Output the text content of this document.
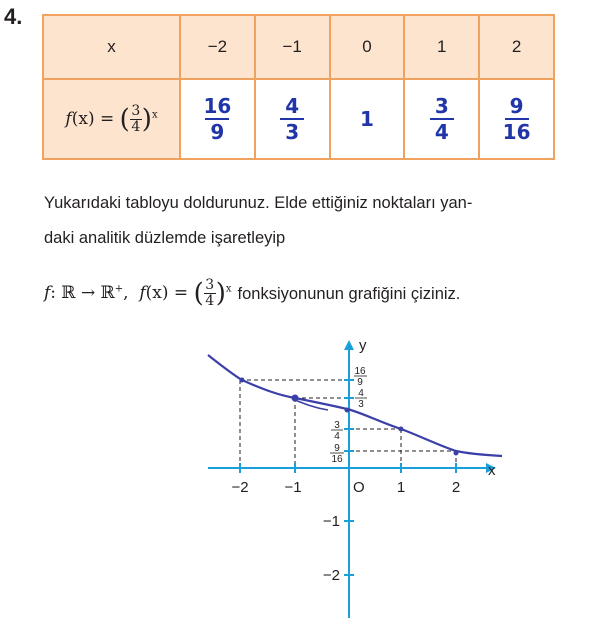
4.
x	−2	−1	0	1	2
f(x) = ( $\frac{3}{4} )^x$	$\frac{16}{9}$	$\frac{4}{3}$	1	$\frac{3}{4}$	$\frac{9}{16}$

Yukarıdaki tabloyu doldurunuz. Elde ettiğiniz noktaları yan-

daki analitik düzlemde işaretleyip

f: ℝ → ℝ+,  f(x) = ( $\frac{3}{4} )^x$ fonksiyonunun grafiğini çiziniz.
y
x
O
−2 −1	1	2
−1
−2
16
9
4
3
3
4
9
16
